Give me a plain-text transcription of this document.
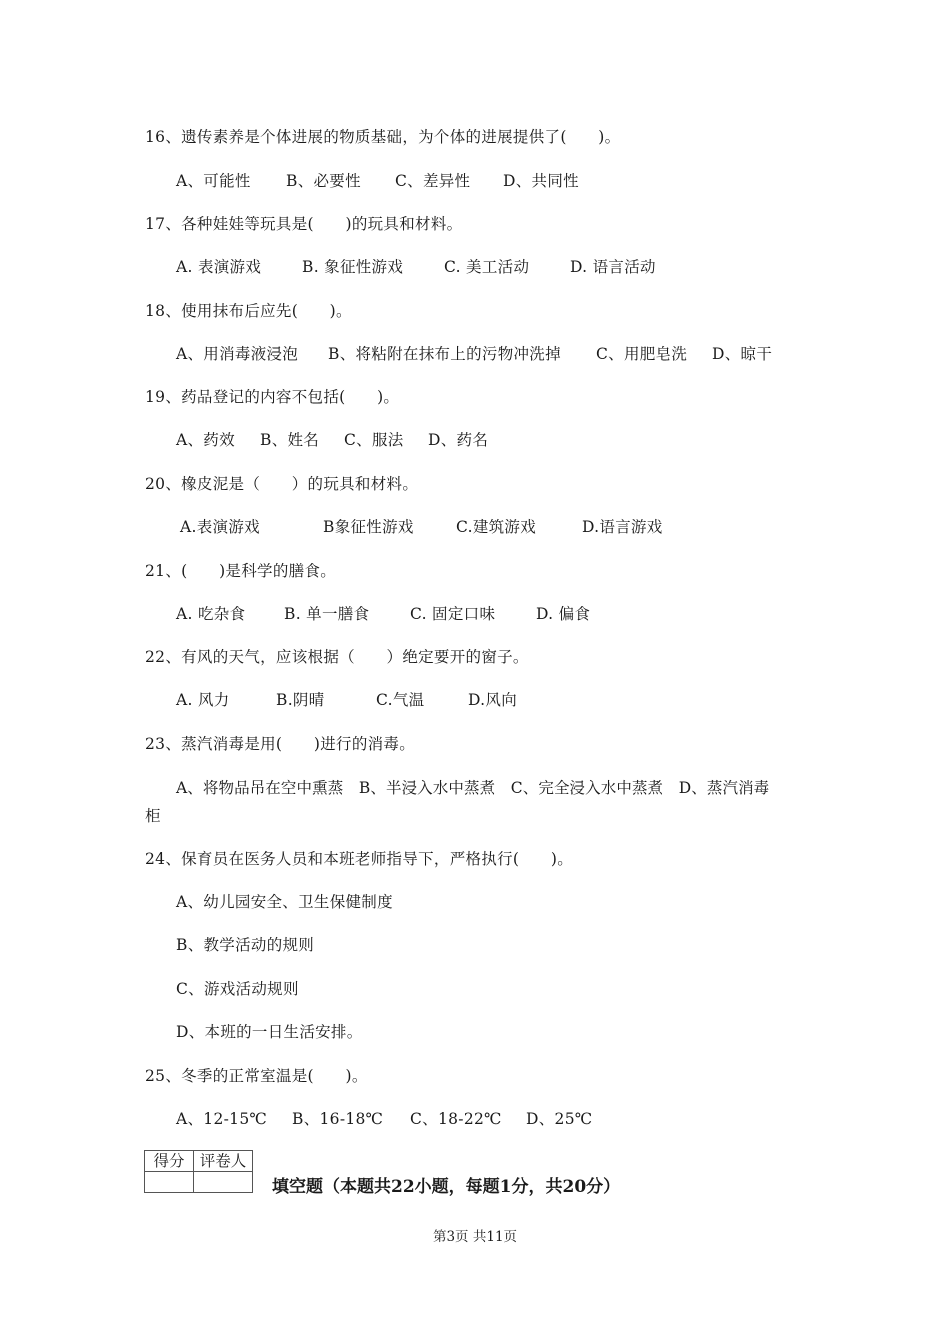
16、遗传素养是个体进展的物质基础，为个体的进展提供了(　　)。
A、可能性	B、必要性	C、差异性	D、共同性
17、各种娃娃等玩具是(　　)的玩具和材料。
A. 表演游戏	B. 象征性游戏	C. 美工活动	D. 语言活动
18、使用抹布后应先(　　)。
A、用消毒液浸泡	B、将粘附在抹布上的污物冲洗掉	C、用肥皂洗	D、晾干
19、药品登记的内容不包括(　　)。
A、药效	B、姓名	C、服法	D、药名
20、橡皮泥是（　　）的玩具和材料。
A.表演游戏	B象征性游戏	C.建筑游戏	D.语言游戏
21、(　　)是科学的膳食。
A. 吃杂食	B. 单一膳食	C. 固定口味	D. 偏食
22、有风的天气，应该根据（　　）绝定要开的窗子。
A. 风力	B.阴晴	C.气温	D.风向
23、蒸汽消毒是用(　　)进行的消毒。
A、将物品吊在空中熏蒸　B、半浸入水中蒸煮　C、完全浸入水中蒸煮　D、蒸汽消毒
柜
24、保育员在医务人员和本班老师指导下，严格执行(　　)。
A、幼儿园安全、卫生保健制度
B、教学活动的规则
C、游戏活动规则
D、本班的一日生活安排。
25、冬季的正常室温是(　　)。
A、12-15℃	B、16-18℃	C、18-22℃	D、25℃
得分	评卷人

填空题（本题共22小题，每题1分，共20分）
第3页 共11页
